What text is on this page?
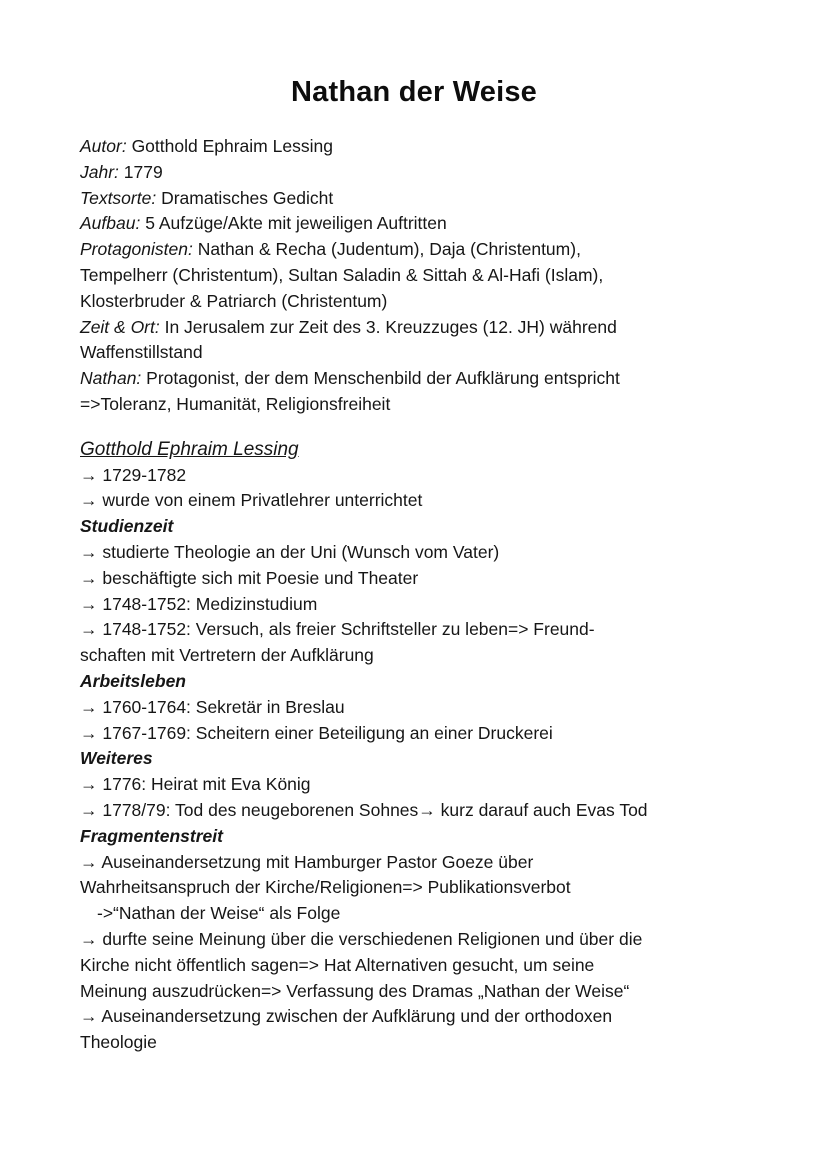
Nathan der Weise
Autor: Gotthold Ephraim Lessing
Jahr: 1779
Textsorte: Dramatisches Gedicht
Aufbau: 5 Aufzüge/Akte mit jeweiligen Auftritten
Protagonisten: Nathan & Recha (Judentum), Daja (Christentum),
Tempelherr (Christentum), Sultan Saladin & Sittah & Al-Hafi (Islam),
Klosterbruder & Patriarch (Christentum)
Zeit & Ort: In Jerusalem zur Zeit des 3. Kreuzzuges (12. JH) während
Waffenstillstand
Nathan: Protagonist, der dem Menschenbild der Aufklärung entspricht
=>Toleranz, Humanität, Religionsfreiheit
Gotthold Ephraim Lessing
→ 1729-1782
→ wurde von einem Privatlehrer unterrichtet
Studienzeit
→ studierte Theologie an der Uni (Wunsch vom Vater)
→ beschäftigte sich mit Poesie und Theater
→ 1748-1752: Medizinstudium
→ 1748-1752: Versuch, als freier Schriftsteller zu leben=> Freund-
schaften mit Vertretern der Aufklärung
Arbeitsleben
→ 1760-1764: Sekretär in Breslau
→ 1767-1769: Scheitern einer Beteiligung an einer Druckerei
Weiteres
→ 1776: Heirat mit Eva König
→ 1778/79: Tod des neugeborenen Sohnes→ kurz darauf auch Evas Tod
Fragmentenstreit
→ Auseinandersetzung mit Hamburger Pastor Goeze über
Wahrheitsanspruch der Kirche/Religionen=> Publikationsverbot
->“Nathan der Weise“ als Folge
→ durfte seine Meinung über die verschiedenen Religionen und über die
Kirche nicht öffentlich sagen=> Hat Alternativen gesucht, um seine
Meinung auszudrücken=> Verfassung des Dramas „Nathan der Weise“
→ Auseinandersetzung zwischen der Aufklärung und der orthodoxen
Theologie
